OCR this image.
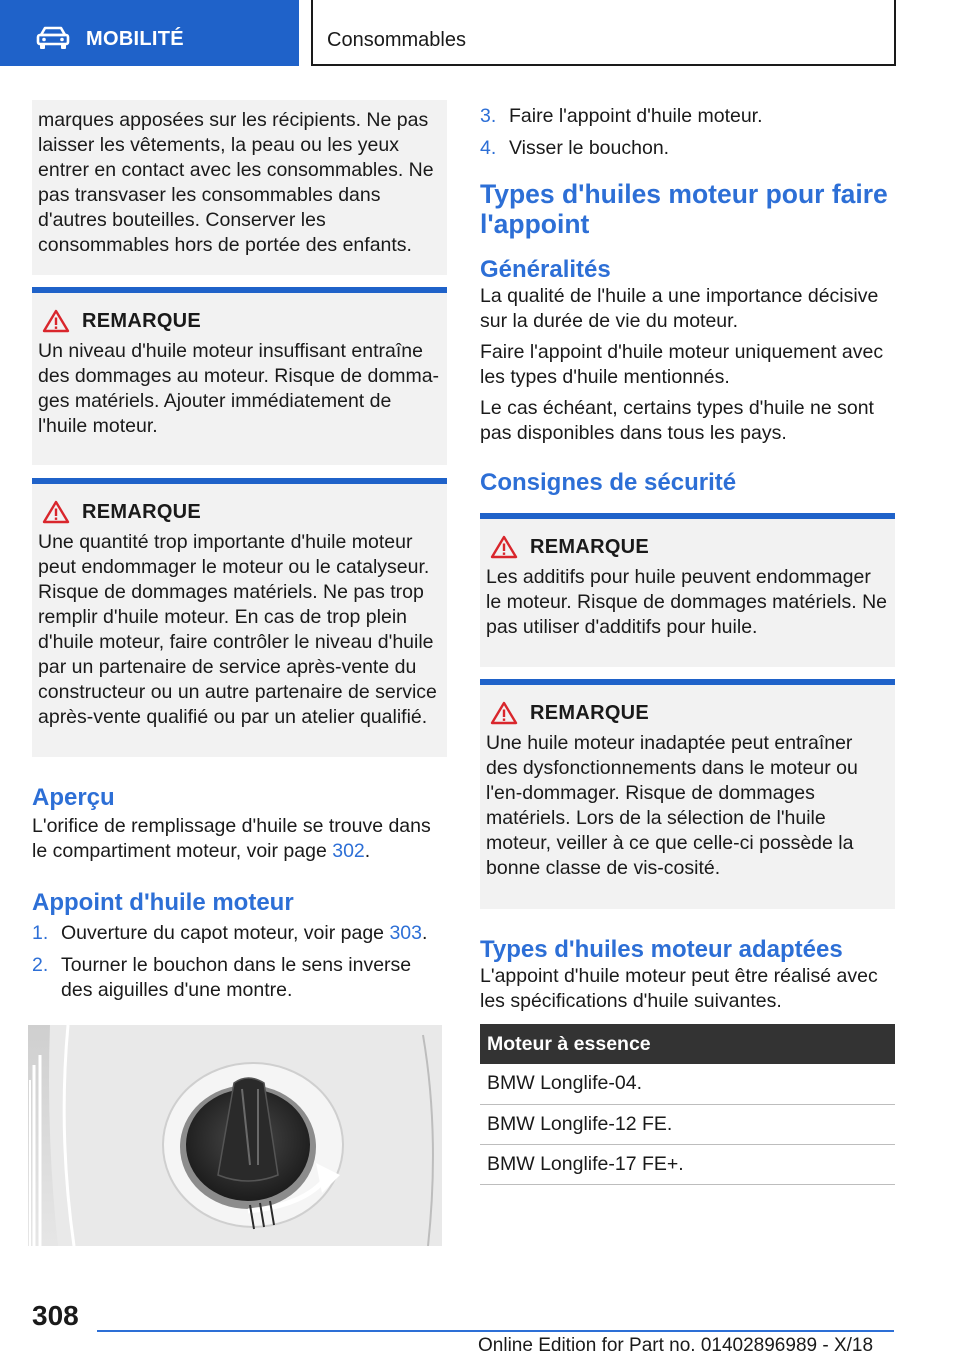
MOBILITÉ	Consommables

marques apposées sur les récipients. Ne pas laisser les vêtements, la peau ou les yeux entrer en contact avec les consommables. Ne pas transvaser les consommables dans d'autres bouteilles. Conserver les consommables hors de portée des enfants.

REMARQUE

Un niveau d'huile moteur insuffisant entraîne des dommages au moteur. Risque de domma-ges matériels. Ajouter immédiatement de l'huile moteur.

REMARQUE

Une quantité trop importante d'huile moteur peut endommager le moteur ou le catalyseur. Risque de dommages matériels. Ne pas trop remplir d'huile moteur. En cas de trop plein d'huile moteur, faire contrôler le niveau d'huile par un partenaire de service après-vente du constructeur ou un autre partenaire de service après-vente qualifié ou par un atelier qualifié.

Aperçu

L'orifice de remplissage d'huile se trouve dans le compartiment moteur, voir page 302.

Appoint d'huile moteur
1. Ouverture du capot moteur, voir page 303.
2. Tourner le bouchon dans le sens inverse des aiguilles d'une montre.
3. Faire l'appoint d'huile moteur.
4. Visser le bouchon.
Types d'huiles moteur pour faire l'appoint
Généralités

La qualité de l'huile a une importance décisive sur la durée de vie du moteur.

Faire l'appoint d'huile moteur uniquement avec les types d'huile mentionnés.

Le cas échéant, certains types d'huile ne sont pas disponibles dans tous les pays.

Consignes de sécurité
REMARQUE

Les additifs pour huile peuvent endommager le moteur. Risque de dommages matériels. Ne pas utiliser d'additifs pour huile.

REMARQUE

Une huile moteur inadaptée peut entraîner des dysfonctionnements dans le moteur ou l'en-dommager. Risque de dommages matériels. Lors de la sélection de l'huile moteur, veiller à ce que celle-ci possède la bonne classe de vis-cosité.

Types d'huiles moteur adaptées

L'appoint d'huile moteur peut être réalisé avec les spécifications d'huile suivantes.

Moteur à essence
BMW Longlife-04.
BMW Longlife-12 FE.
BMW Longlife-17 FE+.
308
Online Edition for Part no. 01402896989 - X/18
